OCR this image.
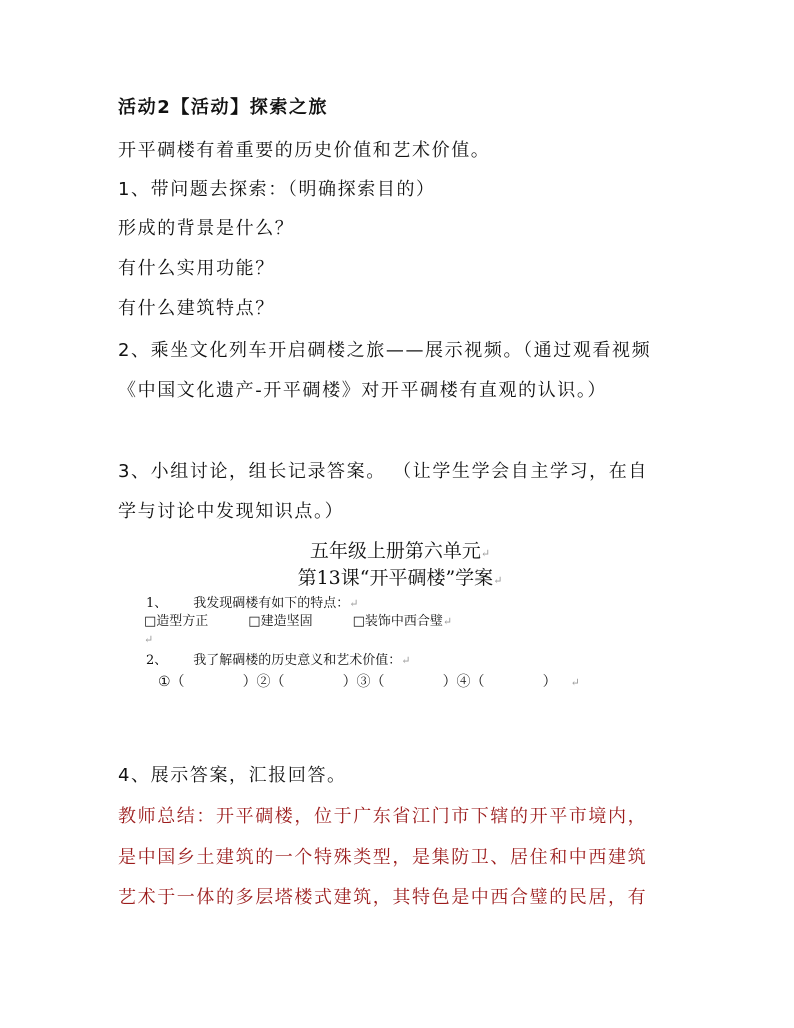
活动2【活动】探索之旅
开平碉楼有着重要的历史价值和艺术价值。
1、带问题去探索：（明确探索目的）
形成的背景是什么？
有什么实用功能？
有什么建筑特点？
2、乘坐文化列车开启碉楼之旅——展示视频。（通过观看视频
《中国文化遗产-开平碉楼》对开平碉楼有直观的认识。）
3、小组讨论，组长记录答案。 （让学生学会自主学习，在自
学与讨论中发现知识点。）
五年级上册第六单元↵
第13课“开平碉楼”学案↵
1、 我发现碉楼有如下的特点：↵
□造型方正	□建造坚固	□装饰中西合璧↵
↵
2、 我了解碉楼的历史意义和艺术价值：↵
①（	）②（	）③（	）④（	） ↵
4、展示答案，汇报回答。
教师总结：开平碉楼，位于广东省江门市下辖的开平市境内，
是中国乡土建筑的一个特殊类型，是集防卫、居住和中西建筑
艺术于一体的多层塔楼式建筑，其特色是中西合璧的民居，有
